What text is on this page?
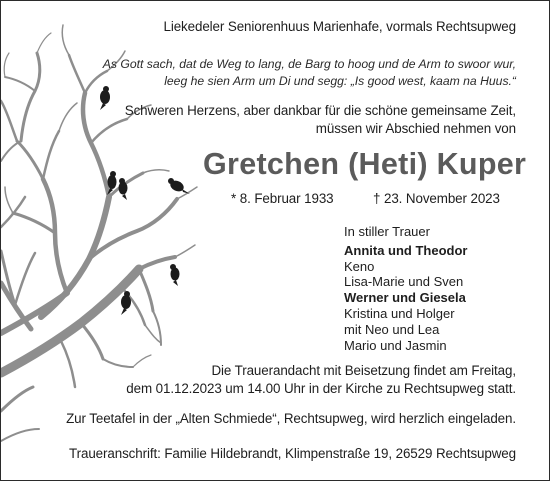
Liekedeler Seniorenhuus Marienhafe, vormals Rechtsupweg

As Gott sach, dat de Weg to lang, de Barg to hoog und de Arm to swoor wur,
leeg he sien Arm um Di und segg: „Is good west, kaam na Huus.“
Schweren Herzens, aber dankbar für die schöne gemeinsame Zeit,
müssen wir Abschied nehmen von
Gretchen (Heti) Kuper

* 8. Februar 1933	† 23. November 2023

In stiller Trauer
Annita und Theodor
Keno
Lisa-Marie und Sven
Werner und Giesela
Kristina und Holger
mit Neo und Lea
Mario und Jasmin
Die Trauerandacht mit Beisetzung findet am Freitag,
dem 01.12.2023 um 14.00 Uhr in der Kirche zu Rechtsupweg statt.

Zur Teetafel in der „Alten Schmiede“, Rechtsupweg, wird herzlich eingeladen.

Traueranschrift: Familie Hildebrandt, Klimpenstraße 19, 26529 Rechtsupweg
